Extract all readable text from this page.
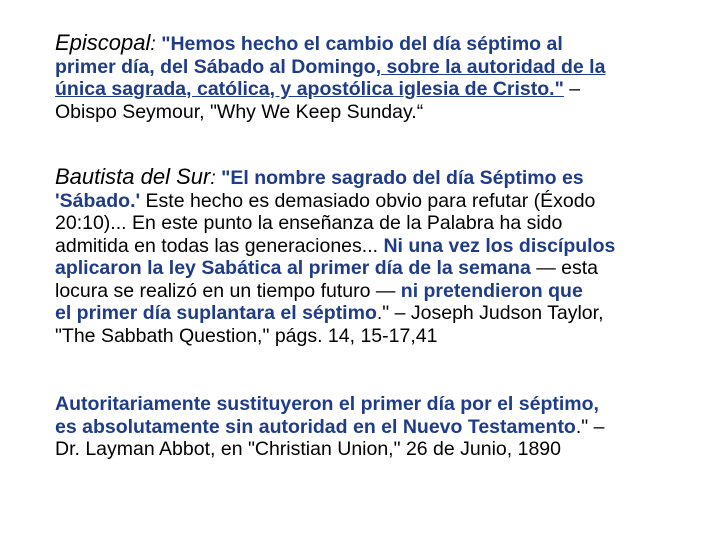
Episcopal: "Hemos hecho el cambio del día séptimo al
primer día, del Sábado al Domingo, sobre la autoridad de la
única sagrada, católica, y apostólica iglesia de Cristo." –
Obispo Seymour, "Why We Keep Sunday.“
Bautista del Sur: "El nombre sagrado del día Séptimo es
'Sábado.' Este hecho es demasiado obvio para refutar (Éxodo
20:10)... En este punto la enseñanza de la Palabra ha sido
admitida en todas las generaciones... Ni una vez los discípulos
aplicaron la ley Sabática al primer día de la semana — esta
locura se realizó en un tiempo futuro — ni pretendieron que
el primer día suplantara el séptimo." – Joseph Judson Taylor,
"The Sabbath Question," págs. 14, 15-17,41
Autoritariamente sustituyeron el primer día por el séptimo,
es absolutamente sin autoridad en el Nuevo Testamento." –
Dr. Layman Abbot, en "Christian Union," 26 de Junio, 1890
